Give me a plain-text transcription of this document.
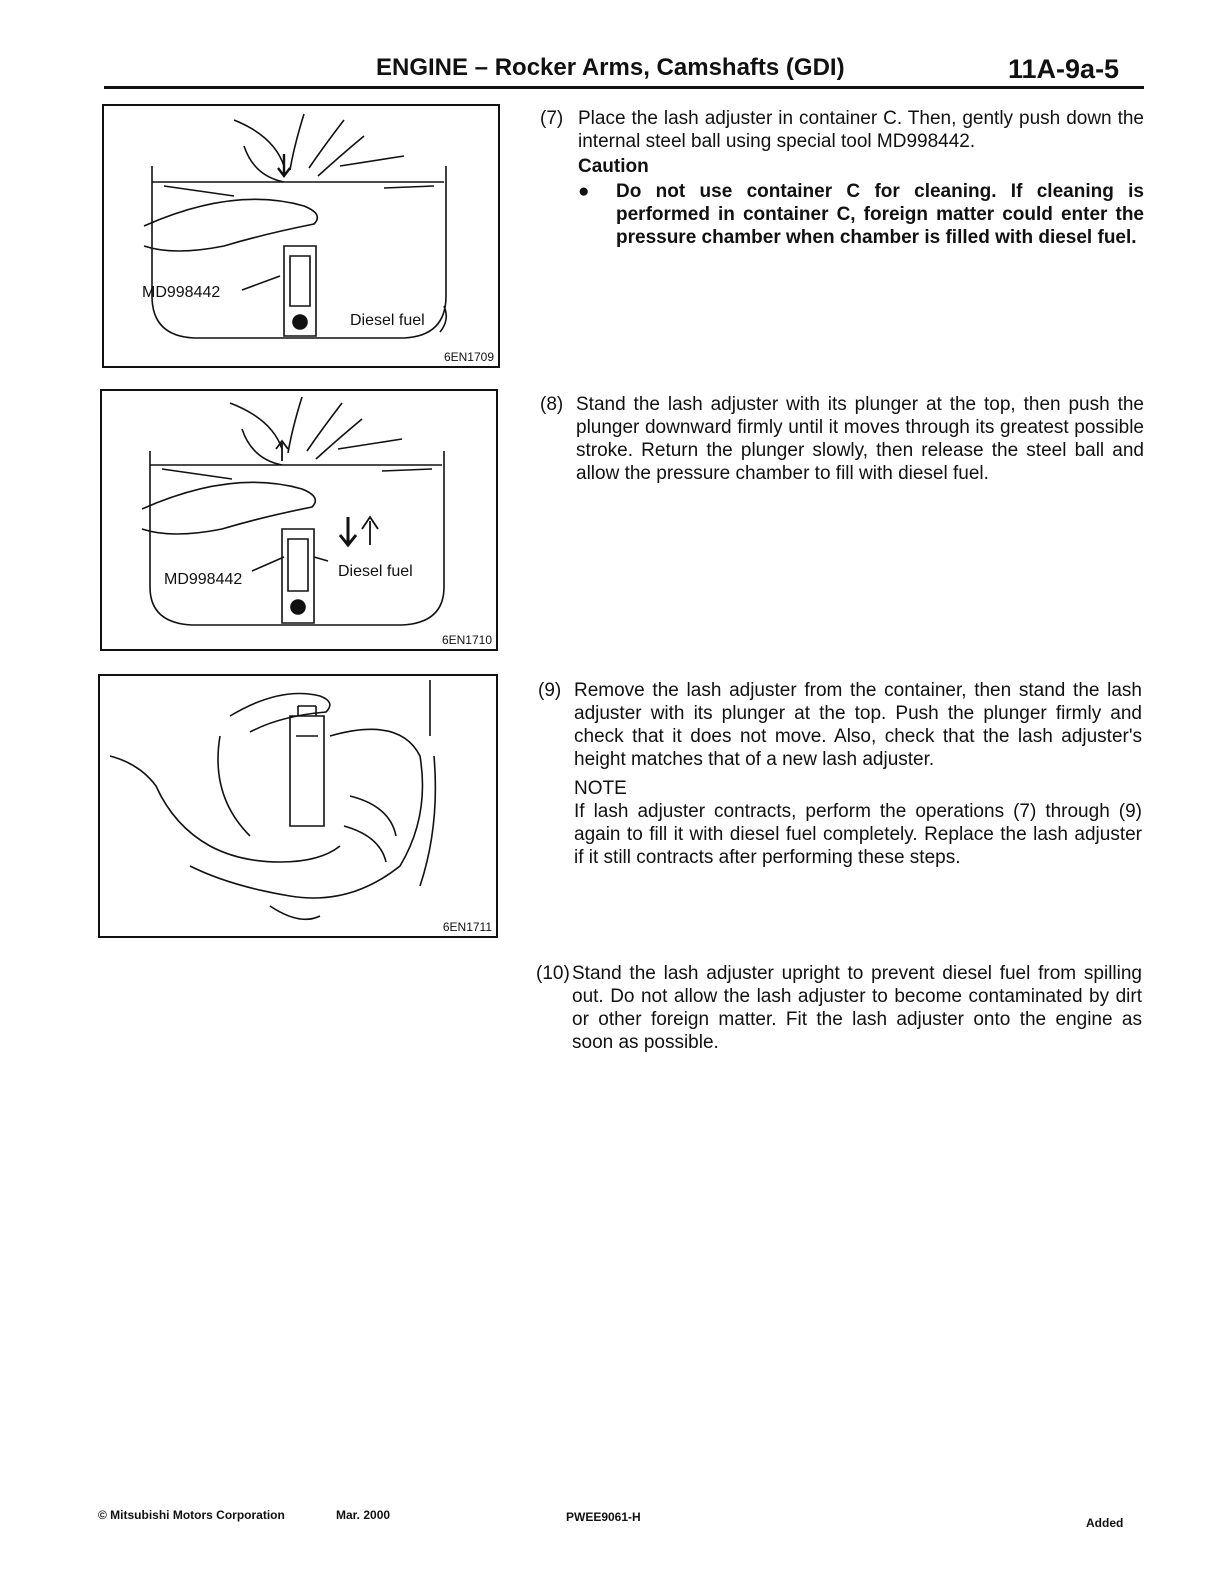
ENGINE – Rocker Arms, Camshafts (GDI)	11A-9a-5
MD998442
Diesel fuel
6EN1709
MD998442	Diesel fuel
6EN1710
6EN1711
(7) Place the lash adjuster in container C. Then, gently push down the internal steel ball using special tool MD998442.
Caution
● Do not use container C for cleaning. If cleaning is performed in container C, foreign matter could enter the pressure chamber when chamber is filled with diesel fuel.
(8) Stand the lash adjuster with its plunger at the top, then push the plunger downward firmly until it moves through its greatest possible stroke. Return the plunger slowly, then release the steel ball and allow the pressure chamber to fill with diesel fuel.
(9) Remove the lash adjuster from the container, then stand the lash adjuster with its plunger at the top. Push the plunger firmly and check that it does not move. Also, check that the lash adjuster's height matches that of a new lash adjuster.
NOTE
If lash adjuster contracts, perform the operations (7) through (9) again to fill it with diesel fuel completely. Replace the lash adjuster if it still contracts after performing these steps.
(10) Stand the lash adjuster upright to prevent diesel fuel from spilling out. Do not allow the lash adjuster to become contaminated by dirt or other foreign matter. Fit the lash adjuster onto the engine as soon as possible.
© Mitsubishi Motors Corporation	Mar. 2000	PWEE9061-H	Added
